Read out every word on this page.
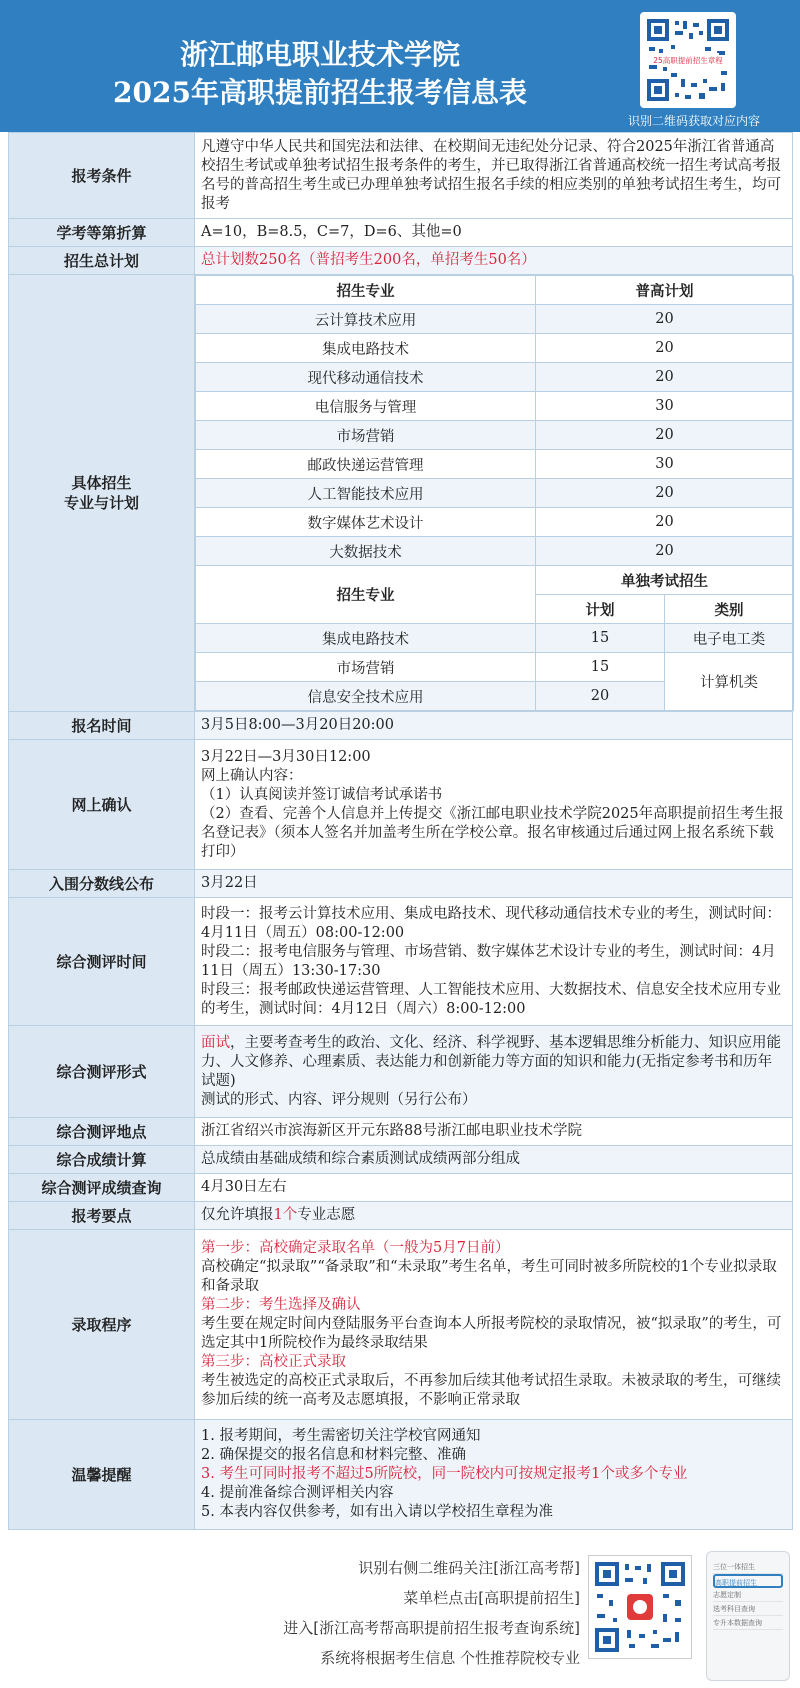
浙江邮电职业技术学院
2025年高职提前招生报考信息表
25高职提前招生章程
识别二维码获取对应内容
报考条件	凡遵守中华人民共和国宪法和法律、在校期间无违纪处分记录、符合2025年浙江省普通高校招生考试或单独考试招生报考条件的考生，并已取得浙江省普通高校统一招生考试高考报名号的普高招生考生或已办理单独考试招生报名手续的相应类别的单独考试招生考生，均可报考
学考等第折算	A=10，B=8.5，C=7，D=6、其他=0
招生总计划	总计划数250名（普招考生200名，单招考生50名）

具体招生
专业与计划

招生专业	普高计划
云计算技术应用	20
集成电路技术	20
现代移动通信技术	20
电信服务与管理	30
市场营销	20
邮政快递运营管理	30
人工智能技术应用	20
数字媒体艺术设计	20
大数据技术	20
招生专业	单独考试招生
计划	类别
集成电路技术	15	电子电工类
市场营销	15	计算机类
信息安全技术应用	20

报名时间	3月5日8:00—3月20日20:00
网上确认	
3月22日—3月30日12:00
网上确认内容：
（1）认真阅读并签订诚信考试承诺书
（2）查看、完善个人信息并上传提交《浙江邮电职业技术学院2025年高职提前招生考生报名登记表》（须本人签名并加盖考生所在学校公章。报名审核通过后通过网上报名系统下载打印）

入围分数线公布	3月22日
综合测评时间	
时段一：报考云计算技术应用、集成电路技术、现代移动通信技术专业的考生，测试时间：4月11日（周五）08:00-12:00
时段二：报考电信服务与管理、市场营销、数字媒体艺术设计专业的考生，测试时间：4月11日（周五）13:30-17:30
时段三：报考邮政快递运营管理、人工智能技术应用、大数据技术、信息安全技术应用专业的考生，测试时间：4月12日（周六）8:00-12:00

综合测评形式	
面试，主要考查考生的政治、文化、经济、科学视野、基本逻辑思维分析能力、知识应用能力、人文修养、心理素质、表达能力和创新能力等方面的知识和能力(无指定参考书和历年试题)
测试的形式、内容、评分规则（另行公布）

综合测评地点	浙江省绍兴市滨海新区开元东路88号浙江邮电职业技术学院
综合成绩计算	总成绩由基础成绩和综合素质测试成绩两部分组成
综合测评成绩查询	4月30日左右
报考要点	仅允许填报1个专业志愿
录取程序	
第一步：高校确定录取名单（一般为5月7日前）
高校确定“拟录取”“备录取”和“未录取”考生名单，考生可同时被多所院校的1个专业拟录取和备录取
第二步：考生选择及确认
考生要在规定时间内登陆服务平台查询本人所报考院校的录取情况，被“拟录取”的考生，可选定其中1所院校作为最终录取结果
第三步：高校正式录取
考生被选定的高校正式录取后，不再参加后续其他考试招生录取。未被录取的考生，可继续参加后续的统一高考及志愿填报，不影响正常录取

温馨提醒	
1. 报考期间，考生需密切关注学校官网通知
2. 确保提交的报名信息和材料完整、准确
3. 考生可同时报考不超过5所院校，同一院校内可按规定报考1个或多个专业
4. 提前准备综合测评相关内容
5. 本表内容仅供参考，如有出入请以学校招生章程为准
识别右侧二维码关注[浙江高考帮]
菜单栏点击[高职提前招生]
进入[浙江高考帮高职提前招生报考查询系统]
系统将根据考生信息 个性推荐院校专业
三位一体招生
高职提前招生
志愿定制
选考科目查询
专升本数据查询
